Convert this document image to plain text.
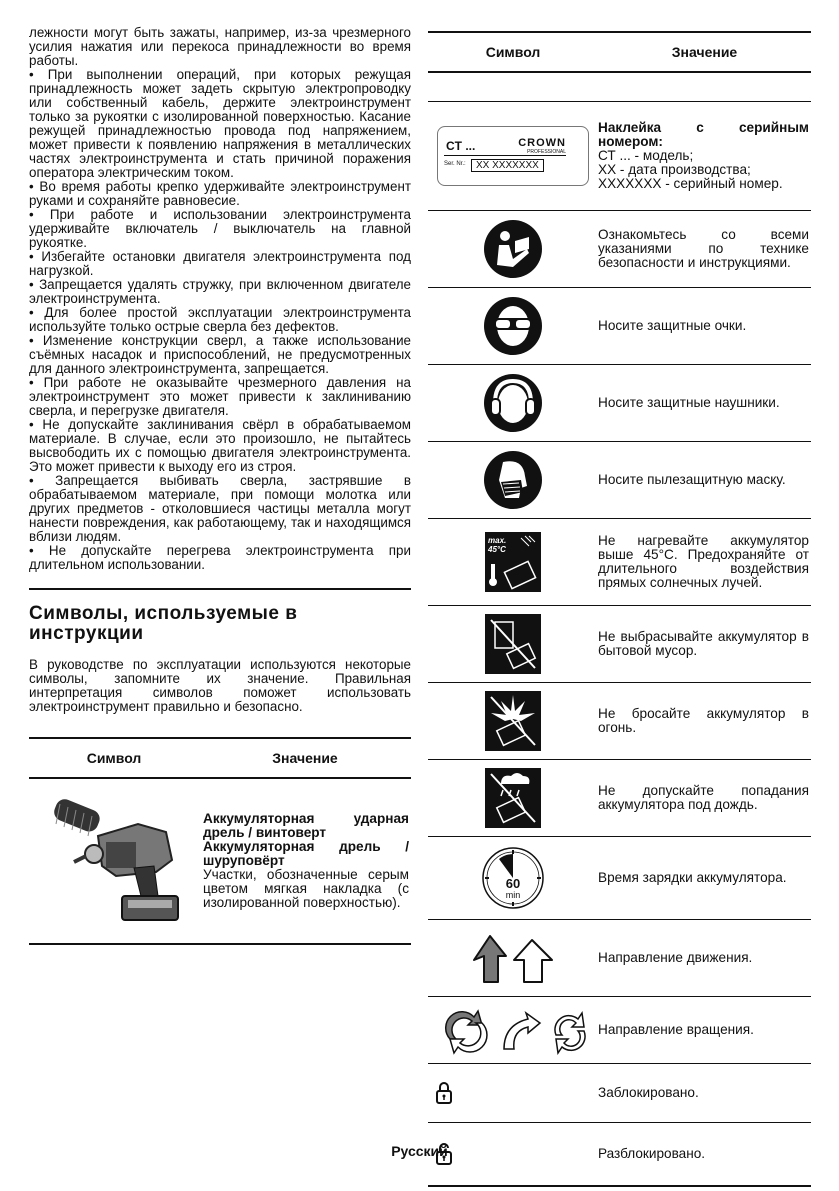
лежности могут быть зажаты, например, из-за чрезмерного усилия нажатия или перекоса принадлежности во время работы.

• При выполнении операций, при которых режущая принадлежность может задеть скрытую электропроводку или собственный кабель, держите электроинструмент только за рукоятки с изолированной поверхностью. Касание режущей принадлежностью провода под напряжением, может привести к появлению напряжения в металлических частях электроинструмента и стать причиной поражения оператора электрическим током.

• Во время работы крепко удерживайте электроинструмент руками и сохраняйте равновесие.

• При работе и использовании электроинструмента удерживайте включатель / выключатель на главной рукоятке.

• Избегайте остановки двигателя электроинструмента под нагрузкой.

• Запрещается удалять стружку, при включенном двигателе электроинструмента.

• Для более простой эксплуатации электроинструмента используйте только острые сверла без дефектов.

• Изменение конструкции сверл, а также использование съёмных насадок и приспособлений, не предусмотренных для данного электроинструмента, запрещается.

• При работе не оказывайте чрезмерного давления на электроинструмент это может привести к заклиниванию сверла, и перегрузке двигателя.

• Не допускайте заклинивания свёрл в обрабатываемом материале. В случае, если это произошло, не пытайтесь высвободить их с помощью двигателя электроинструмента. Это может привести к выходу его из строя.

• Запрещается выбивать сверла, застрявшие в обрабатываемом материале, при помощи молотка или других предметов - отколовшиеся частицы металла могут нанести повреждения, как работающему, так и находящимся вблизи людям.

• Не допускайте перегрева электроинструмента при длительном использовании.

Символы, используемые в инструкции

В руководстве по эксплуатации используются некоторые символы, запомните их значение. Правильная интерпретация символов поможет использовать электроинструмент правильно и безопасно.

Символ	Значение
Аккумуляторная ударная дрель / винтоверт
Аккумуляторная дрель / шуруповёрт
Участки, обозначенные серым цветом мягкая накладка (с изолированной поверхностью).
Символ	Значение
CT ...	CROWN
PROFESSIONAL
Ser. Nr.:	XX XXXXXXX
Наклейка с серийным номером:
СТ ... - модель;
ХХ - дата производства;
ХХХХХХХ - серийный номер.
Ознакомьтесь со всеми указаниями по технике безопасности и инструкциями.
Носите защитные очки.
Носите защитные наушники.
Носите пылезащитную маску.
max.
45°C
Не нагревайте аккумулятор выше 45°С. Предохраняйте от длительного воздействия прямых солнечных лучей.
Не выбрасывайте аккумулятор в бытовой мусор.
Не бросайте аккумулятор в огонь.
Не допускайте попадания аккумулятора под дождь.
60
min
Время зарядки аккумулятора.
Направление движения.
Направление вращения.
Заблокировано.
Разблокировано.
Русский
